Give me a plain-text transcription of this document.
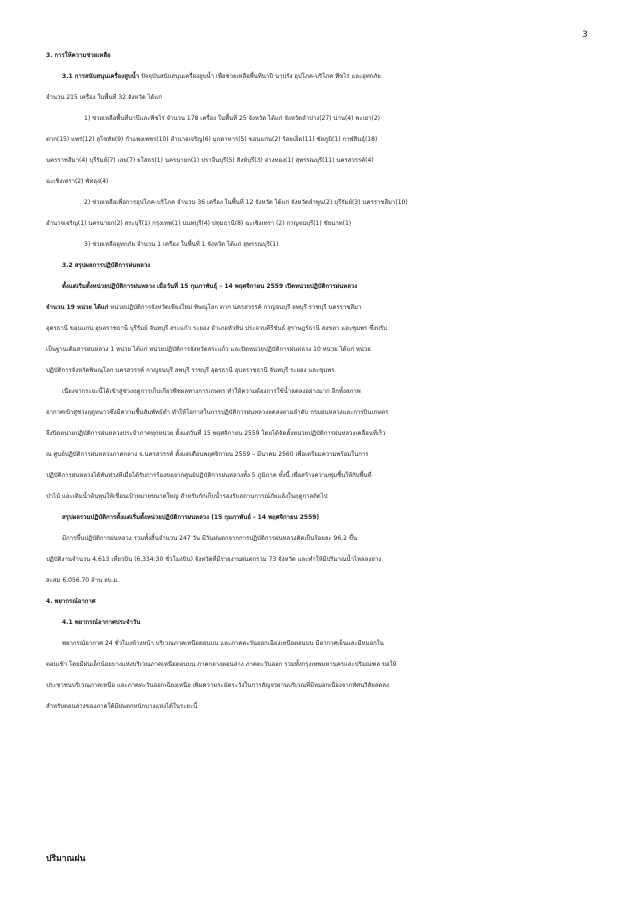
3
3. การให้ความช่วยเหลือ
3.1 การสนับสนุนเครื่องสูบน้ำ ปัจจุบันสนับสนุนเครื่องสูบน้ำ เพื่อช่วยเหลือพื้นที่นาปี นาปรัง อุปโภค-บริโภค พืชไร่ และอุทกภัย
จำนวน 215 เครื่อง ในพื้นที่ 32 จังหวัด ได้แก่
1) ช่วยเหลือพื้นที่นาปีและพืชไร่ จำนวน 178 เครื่อง ในพื้นที่ 25 จังหวัด ได้แก่ จังหวัดลำปาง(27) น่าน(4) พะเยา(2)
ตาก(15) แพร่(12) สุโขทัย(9) กำแพงเพชร(10) อำนาจเจริญ(6) มุกดาหาร(5) ขอนแก่น(2) ร้อยเอ็ด(11) ชัยภูมิ(1) กาฬสินธุ์(18)
นครราชสีมา(4) บุรีรัมย์(7) เลย(7) ยโสธร(1) นครนายก(1) ปราจีนบุรี(5) สิงห์บุรี(3) อ่างทอง(1) สุพรรณบุรี(11) นครสวรรค์(4)
ฉะเชิงเทรา(2) พัทลุง(4)
2) ช่วยเหลือเพื่อการอุปโภค-บริโภค จำนวน 36 เครื่อง ในพื้นที่ 12 จังหวัด ได้แก่ จังหวัดลำพูน(2) บุรีรัมย์(3) นครราชสีมา(10)
อำนาจเจริญ(1) นครนายก(2) สระบุรี(1) กรุงเทพ(1) นนทบุรี(4) ปทุมธานี(8) ฉะเชิงเทรา (2) กาญจนบุรี(1) ชัยนาท(1)
3) ช่วยเหลืออุทกภัย จำนวน 1 เครื่อง ในพื้นที่ 1 จังหวัด ได้แก่ สุพรรณบุรี(1)
3.2 สรุปผลการปฏิบัติการฝนหลวง
ตั้งแต่เริ่มตั้งหน่วยปฏิบัติการฝนหลวง เมื่อวันที่ 15 กุมภาพันธุ์ – 14 พฤศจิกายน 2559 เปิดหน่วยปฏิบัติการฝนหลวง
จำนวน 19 หน่วย ได้แก่ หน่วยปฏิบัติการจังหวัดเชียงใหม่ พิษณุโลก ตาก นครสวรรค์ กาญจนบุรี ลพบุรี ราชบุรี นครราชสีมา
อุดรธานี ขอนแก่น อุบลราชธานี บุรีรัมย์ จันทบุรี สระแก้ว ระยอง อำเภอหัวหิน ประจวบคีรีขันธ์ สุราษฎร์ธานี สงขลา และชุมพร ซึ่งปรับ
เป็นฐานเติมสารฝนหลวง 1 หน่วย ได้แก่ หน่วยปฏิบัติการจังหวัดสระแก้ว และปิดหน่วยปฏิบัติการฝนหลวง 10 หน่วย ได้แก่ หน่วย
ปฏิบัติการจังหวัดพิษณุโลก นครสวรรค์ กาญจนบุรี ลพบุรี ราชบุรี อุดรธานี อุบลราชธานี จันทบุรี ระยอง และชุมพร
เนื่องจากระยะนี้ได้เข้าสู่ช่วงฤดูการเก็บเกี่ยวพืชผลทางการเกษตร ทำให้ความต้องการใช้น้ำลดลงอย่างมาก อีกทั้งสภาพ
อากาศเข้าสู่ช่วงฤดูหนาวซึ่งมีความชื้นสัมพัทธ์ต่ำ ทำให้โอกาสในการปฏิบัติการฝนหลวงลดลงตามลำดับ กรมฝนหลวงและการบินเกษตร
จึงปิดหน่วยปฏิบัติการฝนหลวงประจำภาคทุกหน่วย ตั้งแต่วันที่ 15 พฤศจิกายน 2559 โดยได้จัดตั้งหน่วยปฏิบัติการฝนหลวงเคลื่อนที่เร็ว
ณ ศูนย์ปฏิบัติการฝนหลวงภาคกลาง จ.นครสวรรค์ ตั้งแต่เดือนพฤศจิกายน 2559 – มีนาคม 2560 เพื่อเตรียมความพร้อมในการ
ปฏิบัติการฝนหลวงได้ทันท่วงทีเมื่อได้รับการร้องขอจากศูนย์ปฏิบัติการฝนหลวงทั้ง 5 ภูมิภาค ทั้งนี้ เพื่อสร้างความชุ่มชื้นให้กับพื้นที่
ป่าไม้ และเติมน้ำต้นทุนให้เขื่อนเป้าหมายขนาดใหญ่ สำหรับกักเก็บน้ำรองรับสถานการณ์ภัยแล้งในฤดูกาลถัดไป
สรุปผลรวมปฏิบัติการตั้งแต่เริ่มตั้งหน่วยปฏิบัติการฝนหลวง (15 กุมภาพันธ์ - 14 พฤศจิกายน 2559)
มีการขึ้นปฏิบัติการฝนหลวง รวมทั้งสิ้นจำนวน 247 วัน มีวันฝนตกจากการปฏิบัติการฝนหลวงคิดเป็นร้อยละ 96.2 ขึ้น
ปฏิบัติงานจำนวน 4,613 เที่ยวบิน (6,334:30 ชั่วโมงบิน) จังหวัดที่มีรายงานฝนตกรวม 73 จังหวัด และทำให้มีปริมาณน้ำไหลลงอ่าง
สะสม 6,056.70 ล้าน ลบ.ม.
4. พยากรณ์อากาศ
4.1 พยากรณ์อากาศประจำวัน
พยากรณ์อากาศ 24 ชั่วโมงข้างหน้า บริเวณภาคเหนือตอนบน และภาคตะวันออกเฉียงเหนือตอนบน มีอากาศเย็นและมีหมอกใน
ตอนเช้า โดยมีฝนเล็กน้อยบางแห่งบริเวณภาคเหนือตอนบน ภาคกลางตอนล่าง ภาคตะวันออก รวมทั้งกรุงเทพมหานครและปริมณฑล ขอให้
ประชาชนบริเวณภาคเหนือ และภาคตะวันออกเฉียงเหนือ เพิ่มความระมัดระวังในการสัญจรผ่านบริเวณที่มีหมอกเนื่องจากทัศนวิสัยลดลง
สำหรับตอนล่างของภาคใต้มีฝนตกหนักบางแห่งได้ในระยะนี้
ปริมาณฝน
